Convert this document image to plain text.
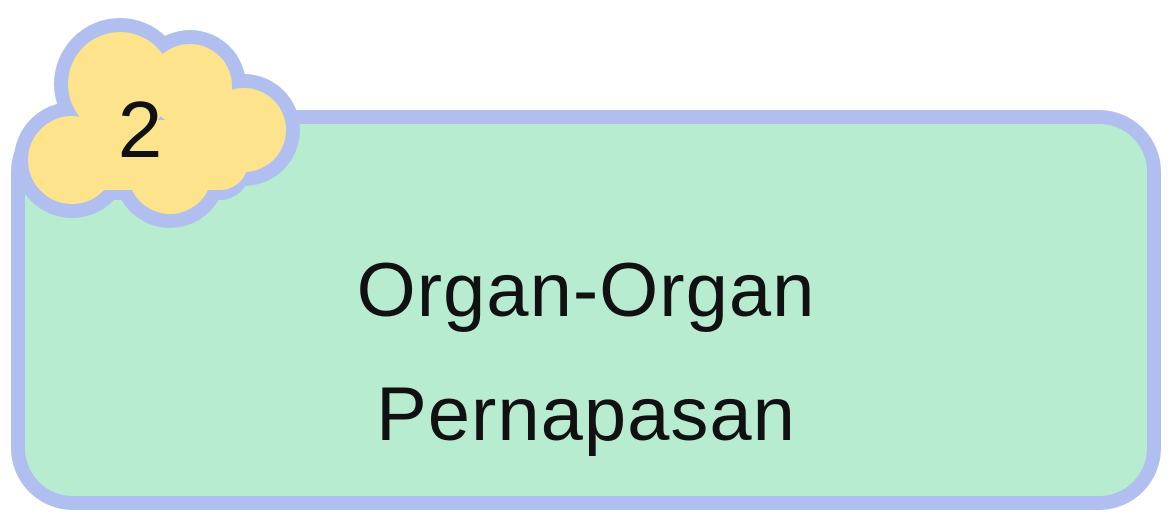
Organ-Organ
Pernapasan
2
